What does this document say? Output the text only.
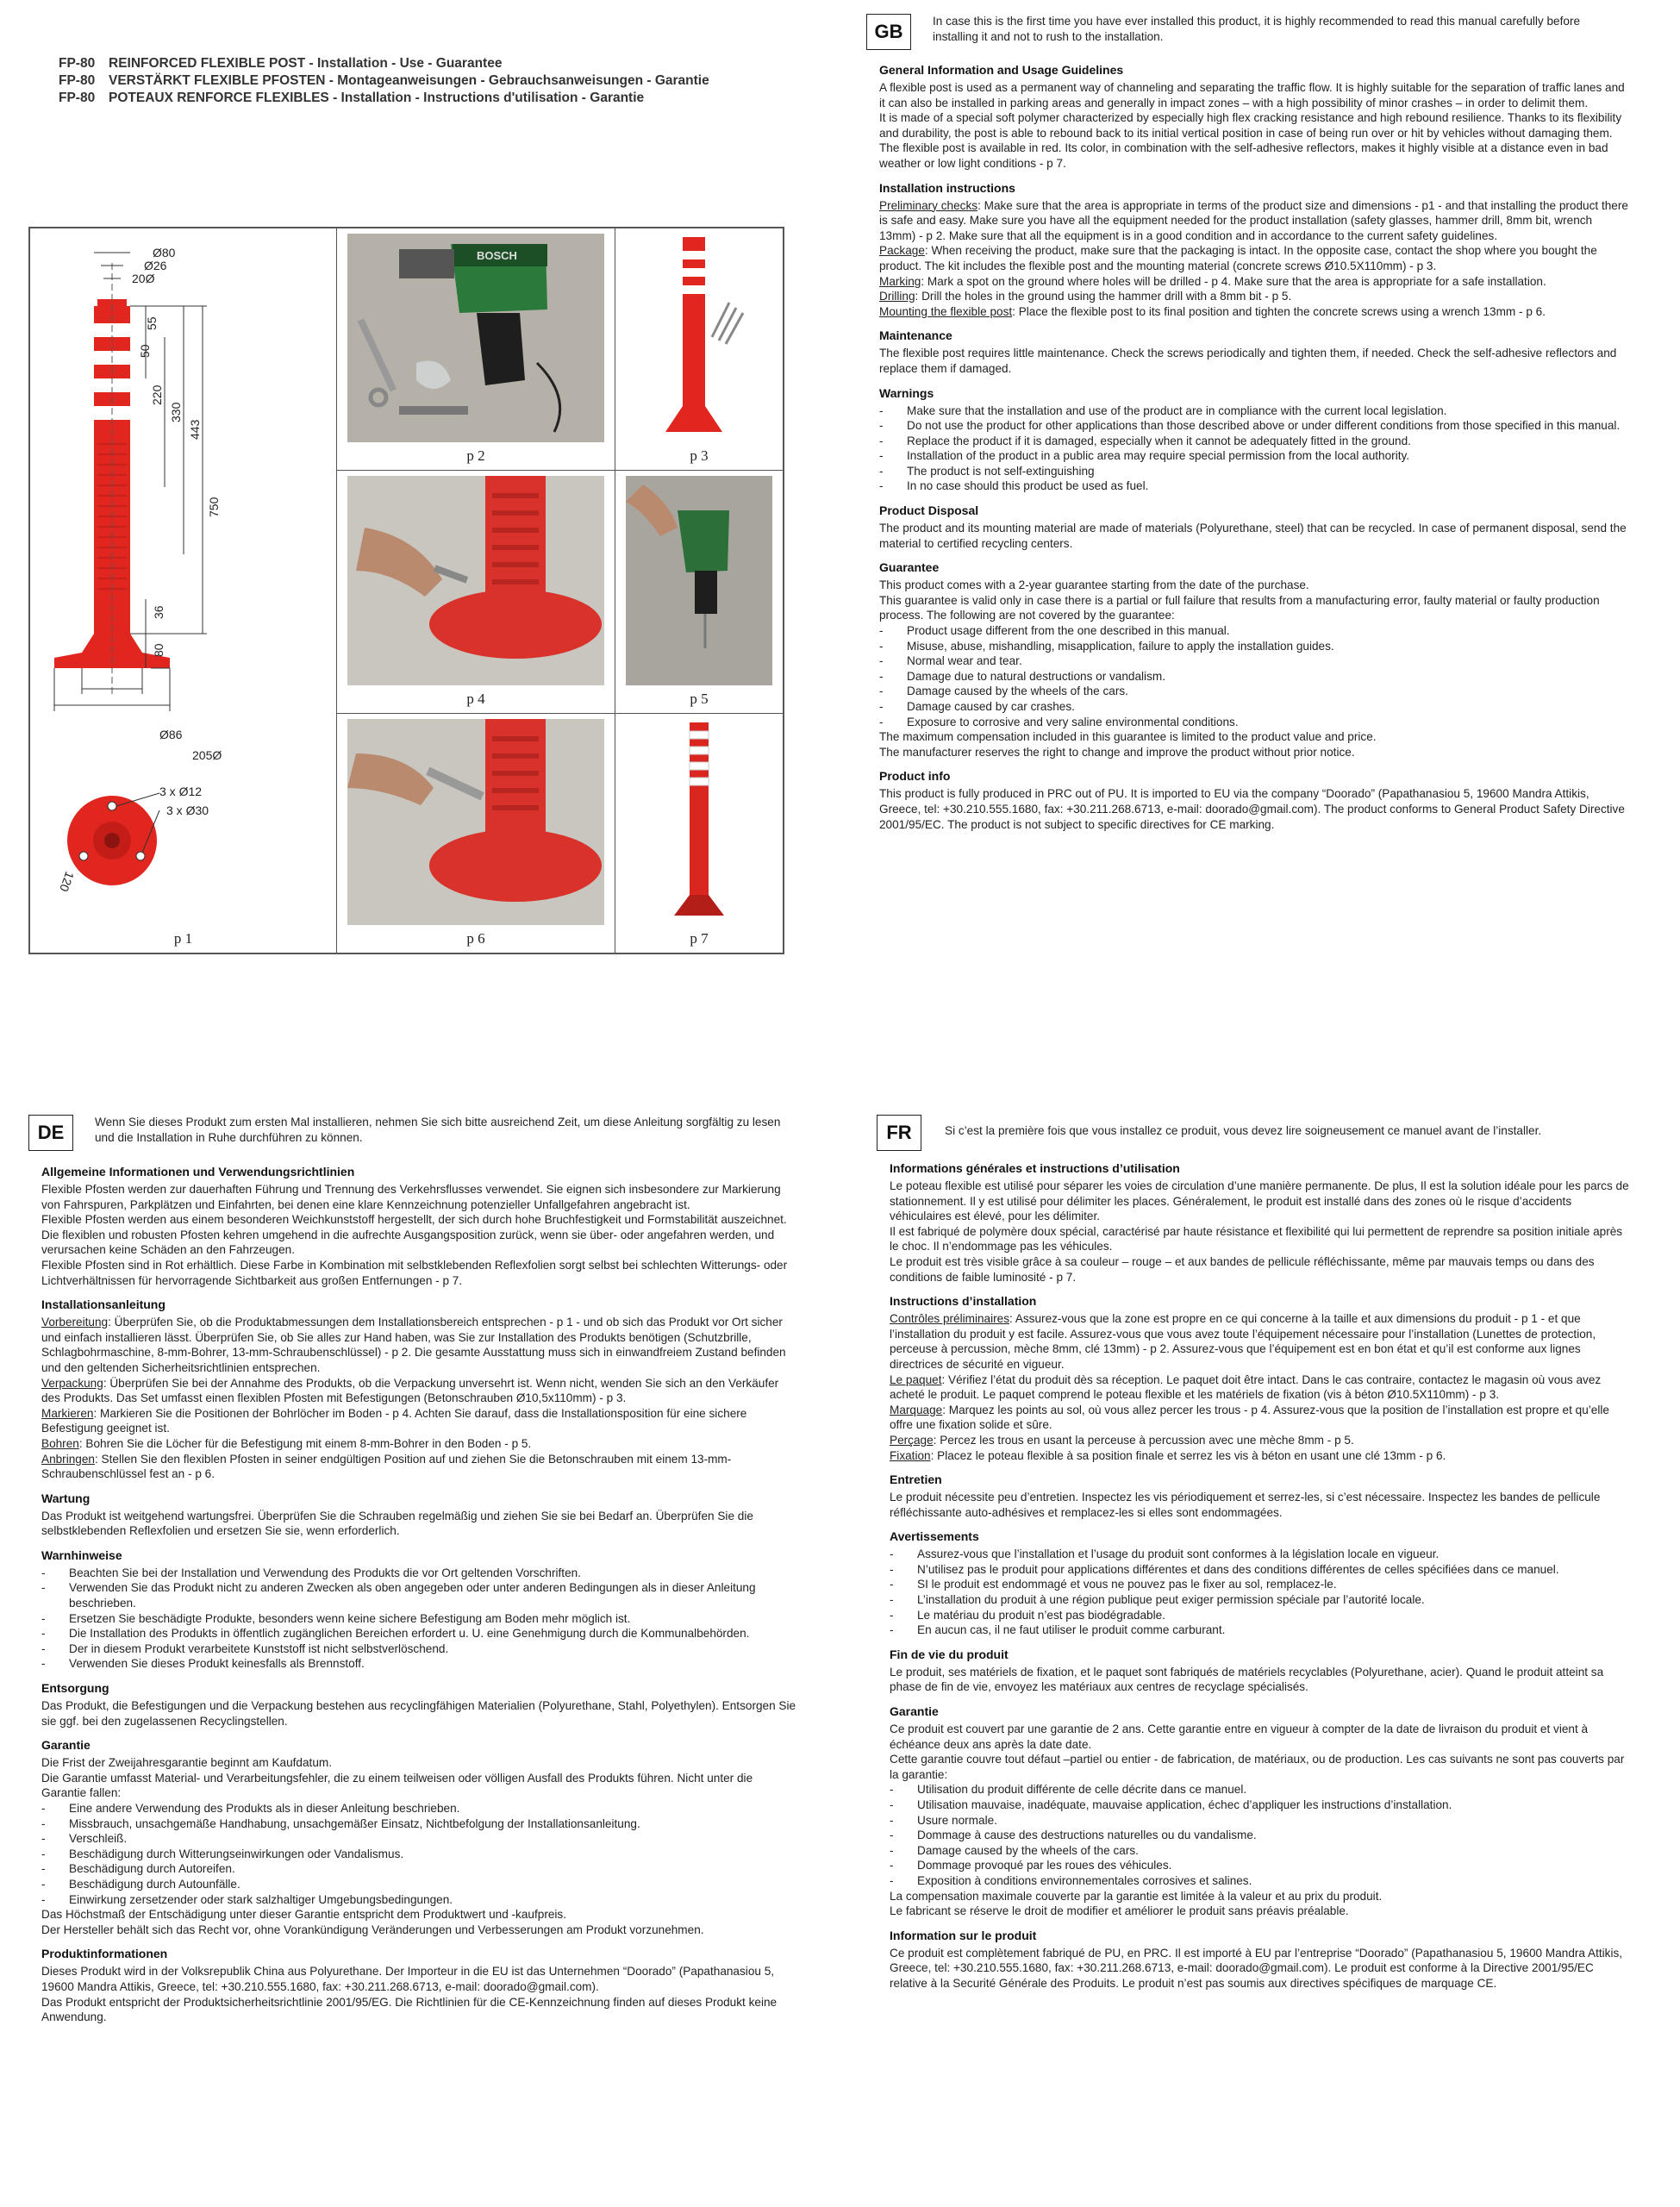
FP-80 REINFORCED FLEXIBLE POST - Installation - Use - Guarantee
FP-80 VERSTÄRKT FLEXIBLE PFOSTEN - Montageanweisungen - Gebrauchsanweisungen - Garantie
FP-80 POTEAUX RENFORCE FLEXIBLES - Installation - Instructions d'utilisation - Garantie
Ø80
Ø26
20Ø
55
50
220
330
443
750
36
80
Ø86
205Ø
3 x Ø12
3 x Ø30
120
p 1
BOSCH
p 2	p 3
p 4	p 5
p 6	p 7
GB	In case this is the first time you have ever installed this product, it is highly recommended to read this manual carefully before installing it and not to rush to the installation.
General Information and Usage Guidelines

A flexible post is used as a permanent way of channeling and separating the traffic flow. It is highly suitable for the separation of traffic lanes and it can also be installed in parking areas and generally in impact zones – with a high possibility of minor crashes – in order to delimit them.

It is made of a special soft polymer characterized by especially high flex cracking resistance and high rebound resilience. Thanks to its flexibility and durability, the post is able to rebound back to its initial vertical position in case of being run over or hit by vehicles without damaging them.

The flexible post is available in red. Its color, in combination with the self-adhesive reflectors, makes it highly visible at a distance even in bad weather or low light conditions - p 7.

Installation instructions

Preliminary checks: Make sure that the area is appropriate in terms of the product size and dimensions - p1 - and that installing the product there is safe and easy. Make sure you have all the equipment needed for the product installation (safety glasses, hammer drill, 8mm bit, wrench 13mm) - p 2. Make sure that all the equipment is in a good condition and in accordance to the current safety guidelines.

Package: When receiving the product, make sure that the packaging is intact. In the opposite case, contact the shop where you bought the product. The kit includes the flexible post and the mounting material (concrete screws Ø10.5X110mm) - p 3.

Marking: Mark a spot on the ground where holes will be drilled - p 4. Make sure that the area is appropriate for a safe installation.

Drilling: Drill the holes in the ground using the hammer drill with a 8mm bit - p 5.

Mounting the flexible post: Place the flexible post to its final position and tighten the concrete screws using a wrench 13mm - p 6.

Maintenance

The flexible post requires little maintenance. Check the screws periodically and tighten them, if needed. Check the self-adhesive reflectors and replace them if damaged.

Warnings
- Make sure that the installation and use of the product are in compliance with the current local legislation.
- Do not use the product for other applications than those described above or under different conditions from those specified in this manual.
- Replace the product if it is damaged, especially when it cannot be adequately fitted in the ground.
- Installation of the product in a public area may require special permission from the local authority.
- The product is not self-extinguishing
- In no case should this product be used as fuel.
Product Disposal

The product and its mounting material are made of materials (Polyurethane, steel) that can be recycled. In case of permanent disposal, send the material to certified recycling centers.

Guarantee

This product comes with a 2-year guarantee starting from the date of the purchase.

This guarantee is valid only in case there is a partial or full failure that results from a manufacturing error, faulty material or faulty production process. The following are not covered by the guarantee:

- Product usage different from the one described in this manual.
- Misuse, abuse, mishandling, misapplication, failure to apply the installation guides.
- Normal wear and tear.
- Damage due to natural destructions or vandalism.
- Damage caused by the wheels of the cars.
- Damage caused by car crashes.
- Exposure to corrosive and very saline environmental conditions.

The maximum compensation included in this guarantee is limited to the product value and price.

The manufacturer reserves the right to change and improve the product without prior notice.

Product info

This product is fully produced in PRC out of PU. It is imported to EU via the company “Doorado” (Papathanasiou 5, 19600 Mandra Attikis, Greece, tel: +30.210.555.1680, fax: +30.211.268.6713, e-mail: doorado@gmail.com). The product conforms to General Product Safety Directive 2001/95/EC. The product is not subject to specific directives for CE marking.

DE	Wenn Sie dieses Produkt zum ersten Mal installieren, nehmen Sie sich bitte ausreichend Zeit, um diese Anleitung sorgfältig zu lesen und die Installation in Ruhe durchführen zu können.
Allgemeine Informationen und Verwendungsrichtlinien

Flexible Pfosten werden zur dauerhaften Führung und Trennung des Verkehrsflusses verwendet. Sie eignen sich insbesondere zur Markierung von Fahrspuren, Parkplätzen und Einfahrten, bei denen eine klare Kennzeichnung potenzieller Unfallgefahren angebracht ist.

Flexible Pfosten werden aus einem besonderen Weichkunststoff hergestellt, der sich durch hohe Bruchfestigkeit und Formstabilität auszeichnet. Die flexiblen und robusten Pfosten kehren umgehend in die aufrechte Ausgangsposition zurück, wenn sie über- oder angefahren werden, und verursachen keine Schäden an den Fahrzeugen.

Flexible Pfosten sind in Rot erhältlich. Diese Farbe in Kombination mit selbstklebenden Reflexfolien sorgt selbst bei schlechten Witterungs- oder Lichtverhältnissen für hervorragende Sichtbarkeit aus großen Entfernungen - p 7.

Installationsanleitung

Vorbereitung: Überprüfen Sie, ob die Produktabmessungen dem Installationsbereich entsprechen - p 1 - und ob sich das Produkt vor Ort sicher und einfach installieren lässt. Überprüfen Sie, ob Sie alles zur Hand haben, was Sie zur Installation des Produkts benötigen (Schutzbrille, Schlagbohrmaschine, 8-mm-Bohrer, 13-mm-Schraubenschlüssel) - p 2. Die gesamte Ausstattung muss sich in einwandfreiem Zustand befinden und den geltenden Sicherheitsrichtlinien entsprechen.

Verpackung: Überprüfen Sie bei der Annahme des Produkts, ob die Verpackung unversehrt ist. Wenn nicht, wenden Sie sich an den Verkäufer des Produkts. Das Set umfasst einen flexiblen Pfosten mit Befestigungen (Betonschrauben Ø10,5x110mm) - p 3.

Markieren: Markieren Sie die Positionen der Bohrlöcher im Boden - p 4. Achten Sie darauf, dass die Installationsposition für eine sichere Befestigung geeignet ist.

Bohren: Bohren Sie die Löcher für die Befestigung mit einem 8-mm-Bohrer in den Boden - p 5.

Anbringen: Stellen Sie den flexiblen Pfosten in seiner endgültigen Position auf und ziehen Sie die Betonschrauben mit einem 13-mm-Schraubenschlüssel fest an - p 6.

Wartung

Das Produkt ist weitgehend wartungsfrei. Überprüfen Sie die Schrauben regelmäßig und ziehen Sie sie bei Bedarf an. Überprüfen Sie die selbstklebenden Reflexfolien und ersetzen Sie sie, wenn erforderlich.

Warnhinweise
- Beachten Sie bei der Installation und Verwendung des Produkts die vor Ort geltenden Vorschriften.
- Verwenden Sie das Produkt nicht zu anderen Zwecken als oben angegeben oder unter anderen Bedingungen als in dieser Anleitung beschrieben.
- Ersetzen Sie beschädigte Produkte, besonders wenn keine sichere Befestigung am Boden mehr möglich ist.
- Die Installation des Produkts in öffentlich zugänglichen Bereichen erfordert u. U. eine Genehmigung durch die Kommunalbehörden.
- Der in diesem Produkt verarbeitete Kunststoff ist nicht selbstverlöschend.
- Verwenden Sie dieses Produkt keinesfalls als Brennstoff.
Entsorgung

Das Produkt, die Befestigungen und die Verpackung bestehen aus recyclingfähigen Materialien (Polyurethane, Stahl, Polyethylen). Entsorgen Sie sie ggf. bei den zugelassenen Recyclingstellen.

Garantie

Die Frist der Zweijahresgarantie beginnt am Kaufdatum.

Die Garantie umfasst Material- und Verarbeitungsfehler, die zu einem teilweisen oder völligen Ausfall des Produkts führen. Nicht unter die Garantie fallen:

- Eine andere Verwendung des Produkts als in dieser Anleitung beschrieben.
- Missbrauch, unsachgemäße Handhabung, unsachgemäßer Einsatz, Nichtbefolgung der Installationsanleitung.
- Verschleiß.
- Beschädigung durch Witterungseinwirkungen oder Vandalismus.
- Beschädigung durch Autoreifen.
- Beschädigung durch Autounfälle.
- Einwirkung zersetzender oder stark salzhaltiger Umgebungsbedingungen.

Das Höchstmaß der Entschädigung unter dieser Garantie entspricht dem Produktwert und -kaufpreis.

Der Hersteller behält sich das Recht vor, ohne Vorankündigung Veränderungen und Verbesserungen am Produkt vorzunehmen.

Produktinformationen

Dieses Produkt wird in der Volksrepublik China aus Polyurethane. Der Importeur in die EU ist das Unternehmen “Doorado” (Papathanasiou 5, 19600 Mandra Attikis, Greece, tel: +30.210.555.1680, fax: +30.211.268.6713, e-mail: doorado@gmail.com).

Das Produkt entspricht der Produktsicherheitsrichtlinie 2001/95/EG. Die Richtlinien für die CE-Kennzeichnung finden auf dieses Produkt keine Anwendung.

FR	Si c’est la première fois que vous installez ce produit, vous devez lire soigneusement ce manuel avant de l’installer.
Informations générales et instructions d’utilisation

Le poteau flexible est utilisé pour séparer les voies de circulation d’une manière permanente. De plus, Il est la solution idéale pour les parcs de stationnement. Il y est utilisé pour délimiter les places. Généralement, le produit est installé dans des zones où le risque d’accidents véhiculaires est élevé, pour les délimiter.

Il est fabriqué de polymère doux spécial, caractérisé par haute résistance et flexibilité qui lui permettent de reprendre sa position initiale après le choc. Il n’endommage pas les véhicules.

Le produit est très visible grâce à sa couleur – rouge – et aux bandes de pellicule réfléchissante, même par mauvais temps ou dans des conditions de faible luminosité - p 7.

Instructions d’installation

Contrôles préliminaires: Assurez-vous que la zone est propre en ce qui concerne à la taille et aux dimensions du produit - p 1 - et que l’installation du produit y est facile. Assurez-vous que vous avez toute l’équipement nécessaire pour l’installation (Lunettes de protection, perceuse à percussion, mèche 8mm, clé 13mm) - p 2. Assurez-vous que l’équipement est en bon état et qu’il est conforme aux lignes directrices de sécurité en vigueur.

Le paquet: Vérifiez l’état du produit dès sa réception. Le paquet doit être intact. Dans le cas contraire, contactez le magasin où vous avez acheté le produit. Le paquet comprend le poteau flexible et les matériels de fixation (vis à béton Ø10.5X110mm) - p 3.

Marquage: Marquez les points au sol, où vous allez percer les trous - p 4. Assurez-vous que la position de l’installation est propre et qu’elle offre une fixation solide et sûre.

Perçage: Percez les trous en usant la perceuse à percussion avec une mèche 8mm - p 5.

Fixation: Placez le poteau flexible à sa position finale et serrez les vis à béton en usant une clé 13mm - p 6.

Entretien

Le produit nécessite peu d’entretien. Inspectez les vis périodiquement et serrez-les, si c’est nécessaire. Inspectez les bandes de pellicule réfléchissante auto-adhésives et remplacez-les si elles sont endommagées.

Avertissements
- Assurez-vous que l’installation et l’usage du produit sont conformes à la législation locale en vigueur.
- N’utilisez pas le produit pour applications différentes et dans des conditions différentes de celles spécifiées dans ce manuel.
- SI le produit est endommagé et vous ne pouvez pas le fixer au sol, remplacez-le.
- L’installation du produit à une région publique peut exiger permission spéciale par l’autorité locale.
- Le matériau du produit n’est pas biodégradable.
- En aucun cas, il ne faut utiliser le produit comme carburant.
Fin de vie du produit

Le produit, ses matériels de fixation, et le paquet sont fabriqués de matériels recyclables (Polyurethane, acier). Quand le produit atteint sa phase de fin de vie, envoyez les matériaux aux centres de recyclage spécialisés.

Garantie

Ce produit est couvert par une garantie de 2 ans. Cette garantie entre en vigueur à compter de la date de livraison du produit et vient à échéance deux ans après la date date.

Cette garantie couvre tout défaut –partiel ou entier - de fabrication, de matériaux, ou de production. Les cas suivants ne sont pas couverts par la garantie:

- Utilisation du produit différente de celle décrite dans ce manuel.
- Utilisation mauvaise, inadéquate, mauvaise application, échec d’appliquer les instructions d’installation.
- Usure normale.
- Dommage à cause des destructions naturelles ou du vandalisme.
- Damage caused by the wheels of the cars.
- Dommage provoqué par les roues des véhicules.
- Exposition à conditions environnementales corrosives et salines.

La compensation maximale couverte par la garantie est limitée à la valeur et au prix du produit.

Le fabricant se réserve le droit de modifier et améliorer le produit sans préavis préalable.

Information sur le produit

Ce produit est complètement fabriqué de PU, en PRC. Il est importé à EU par l’entreprise “Doorado” (Papathanasiou 5, 19600 Mandra Attikis, Greece, tel: +30.210.555.1680, fax: +30.211.268.6713, e-mail: doorado@gmail.com). Le produit est conforme à la Directive 2001/95/EC relative à la Securité Générale des Produits. Le produit n’est pas soumis aux directives spécifiques de marquage CE.
